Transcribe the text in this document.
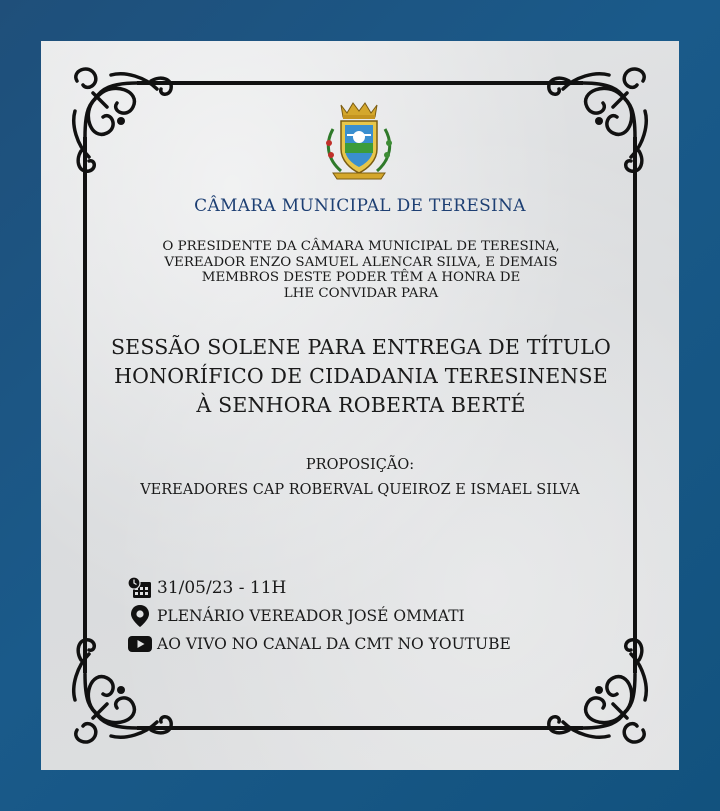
CÂMARA MUNICIPAL DE TERESINA
O PRESIDENTE DA CÂMARA MUNICIPAL DE TERESINA,
VEREADOR ENZO SAMUEL ALENCAR SILVA, E DEMAIS
MEMBROS DESTE PODER TÊM A HONRA DE
LHE CONVIDAR PARA
SESSÃO SOLENE PARA ENTREGA DE TÍTULO
HONORÍFICO DE CIDADANIA TERESINENSE
À SENHORA ROBERTA BERTÉ
PROPOSIÇÃO:
VEREADORES CAP ROBERVAL QUEIROZ E ISMAEL SILVA
31/05/23 - 11H
PLENÁRIO VEREADOR JOSÉ OMMATI
AO VIVO NO CANAL DA CMT NO YOUTUBE
